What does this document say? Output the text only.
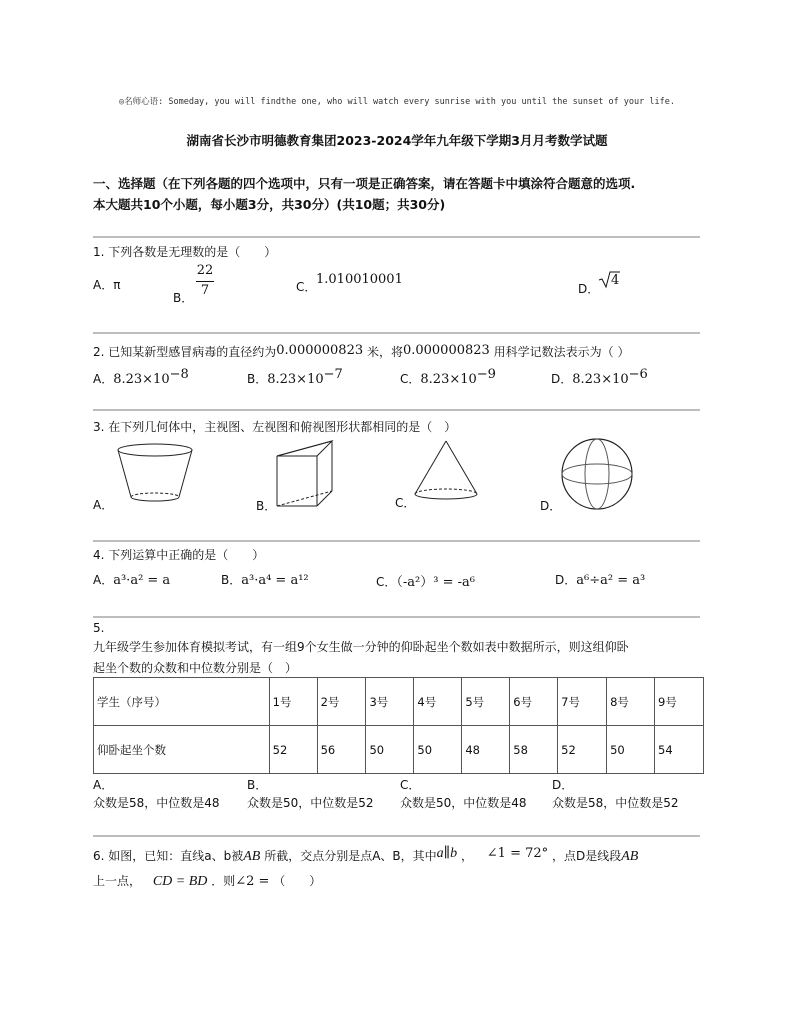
◎名师心语: Someday, you will findthe one, who will watch every sunrise with you until the sunset of your life.
湖南省长沙市明德教育集团2023-2024学年九年级下学期3月月考数学试题
一、选择题（在下列各题的四个选项中，只有一项是正确答案，请在答题卡中填涂符合题意的选项.
本大题共10个小题，每小题3分，共30分）(共10题；共30分)
1. 下列各数是无理数的是（　　）
A．π
B．
22
7	C． 1.010010001
D．
4
2. 已知某新型感冒病毒的直径约为0.000000823 米，将0.000000823 用科学记数法表示为（ ）
A．$8.23\times 10^{-8}$	B．$8.23\times 10^{-7}$	C．$8.23\times 10^{-9}$	D．$8.23\times 10^{-6}$
3. 在下列几何体中，主视图、左视图和俯视图形状都相同的是（　）
A．	B．	C．	D．
4. 下列运算中正确的是（　　）
A．a³·a² = a	B．a³·a⁴ = a¹²	C．（-a²）³ = -a⁶	D．a⁶÷a² = a³
5.
九年级学生参加体育模拟考试，有一组9个女生做一分钟的仰卧起坐个数如表中数据所示，则这组仰卧
起坐个数的众数和中位数分别是（　）
学生（序号）	1号	2号	3号	4号	5号	6号	7号	8号	9号
仰卧起坐个数	52	56	50	50	48	58	52	50	54
A．
众数是58，中位数是48
B．
众数是50，中位数是52
C．
众数是50，中位数是48
D．
众数是58，中位数是52
6. 如图，已知：直线a、b被AB 所截，交点分别是点A、B，其中a∥b ， ∠1 = 72° ，点D是线段AB
上一点， CD = BD ．则∠2 = （　　）
